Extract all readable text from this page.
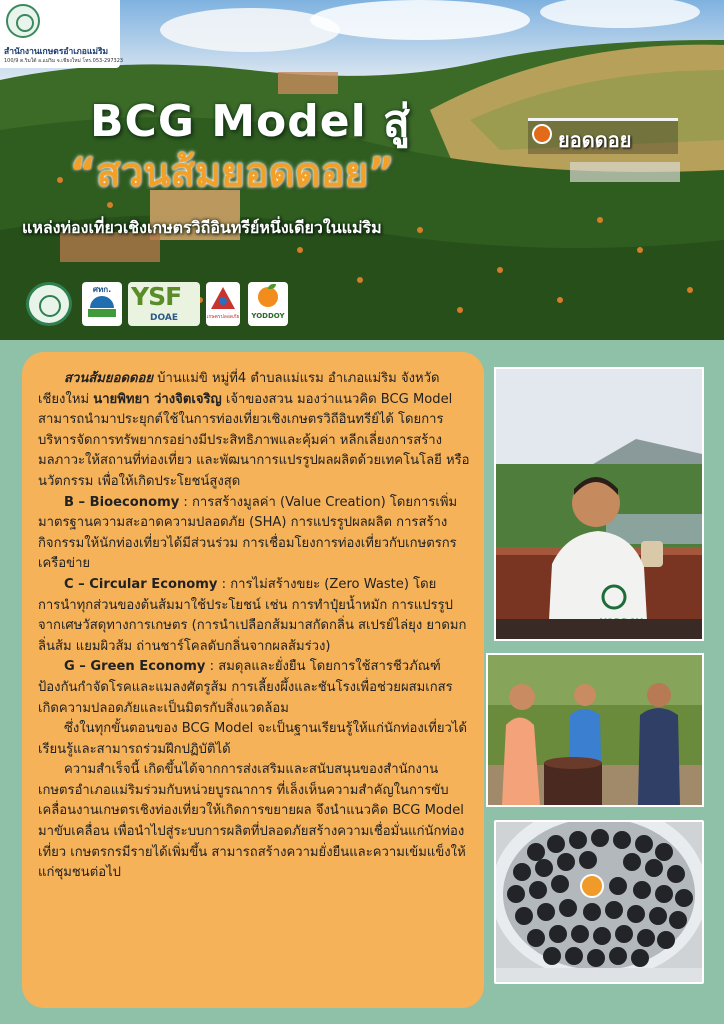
สำนักงานเกษตรอำเภอแม่ริม
100/9 ต.ริมใต้ อ.แม่ริม จ.เชียงใหม่ โทร.053-297323
ยอดดอย
BCG Model สู่
“สวนส้มยอดดอย”
แหล่งท่องเที่ยวเชิงเกษตรวิถีอินทรีย์หนึ่งเดียวในแม่ริม
ศทก. YSF
DOAE	เกษตรปลอดภัย	YODDOY

สวนส้มยอดดอย บ้านแม่ขิ หมู่ที่4 ตำบลแม่แรม อำเภอแม่ริม จังหวัดเชียงใหม่ นายพิทยา ว่างจิตเจริญ เจ้าของสวน มองว่าแนวคิด BCG Model สามารถนำมาประยุกต์ใช้ในการท่องเที่ยวเชิงเกษตรวิถีอินทรีย์ได้ โดยการบริหารจัดการทรัพยากรอย่างมีประสิทธิภาพและคุ้มค่า หลีกเลี่ยงการสร้างมลภาวะให้สถานที่ท่องเที่ยว และพัฒนาการแปรรูปผลผลิตด้วยเทคโนโลยี หรือนวัตกรรม เพื่อให้เกิดประโยชน์สูงสุด

B – Bioeconomy : การสร้างมูลค่า (Value Creation) โดยการเพิ่มมาตรฐานความสะอาดความปลอดภัย (SHA) การแปรรูปผลผลิต การสร้างกิจกรรมให้นักท่องเที่ยวได้มีส่วนร่วม การเชื่อมโยงการท่องเที่ยวกับเกษตรกรเครือข่าย

C – Circular Economy : การไม่สร้างขยะ (Zero Waste) โดยการนำทุกส่วนของต้นส้มมาใช้ประโยชน์ เช่น การทำปุ๋ยน้ำหมัก การแปรรูปจากเศษวัสดุทางการเกษตร (การนำเปลือกส้มมาสกัดกลิ่น สเปรย์ไล่ยุง ยาดมกลิ่นส้ม แยมผิวส้ม ถ่านชาร์โคลดับกลิ่นจากผลส้มร่วง)

G – Green Economy : สมดุลและยั่งยืน โดยการใช้สารชีวภัณฑ์ป้องกันกำจัดโรคและแมลงศัตรูส้ม การเลี้ยงผึ้งและชันโรงเพื่อช่วยผสมเกสรเกิดความปลอดภัยและเป็นมิตรกับสิ่งแวดล้อม

ซึ่งในทุกขั้นตอนของ BCG Model จะเป็นฐานเรียนรู้ให้แก่นักท่องเที่ยวได้เรียนรู้และสามารถร่วมฝึกปฏิบัติได้

ความสำเร็จนี้ เกิดขึ้นได้จากการส่งเสริมและสนับสนุนของสำนักงานเกษตรอำเภอแม่ริมร่วมกับหน่วยบูรณาการ ที่เล็งเห็นความสำคัญในการขับเคลื่อนงานเกษตรเชิงท่องเที่ยวให้เกิดการขยายผล จึงนำแนวคิด BCG Model มาขับเคลื่อน เพื่อนำไปสู่ระบบการผลิตที่ปลอดภัยสร้างความเชื่อมั่นแก่นักท่องเที่ยว เกษตรกรมีรายได้เพิ่มขึ้น สามารถสร้างความยั่งยืนและความเข้มแข็งให้แก่ชุมชนต่อไป
